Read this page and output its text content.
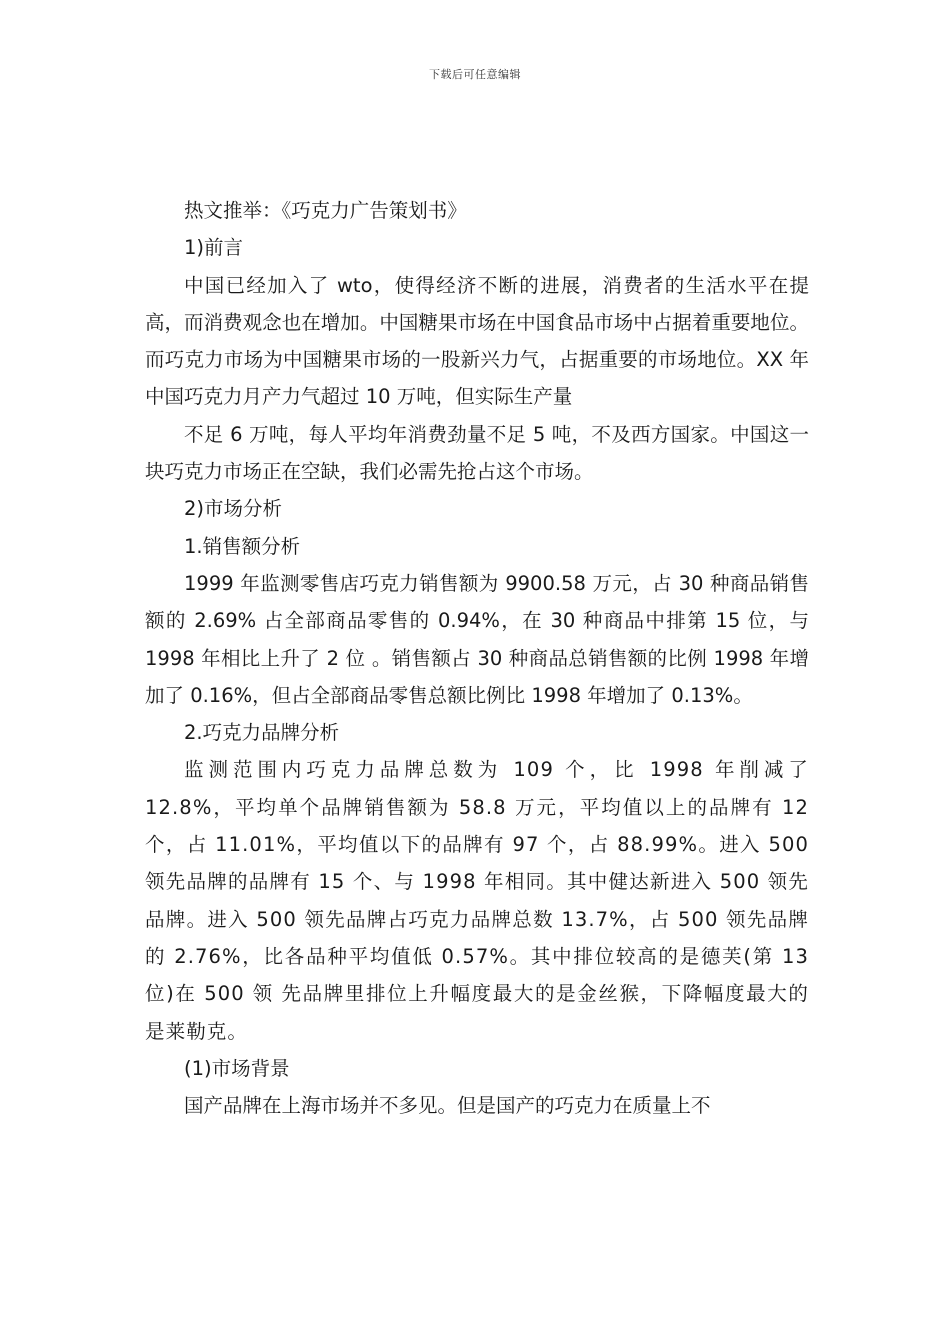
下载后可任意编辑

热文推举：《巧克力广告策划书》

1)前言

中国已经加入了 wto，使得经济不断的进展，消费者的生活水平在提高，而消费观念也在增加。中国糖果市场在中国食品市场中占据着重要地位。而巧克力市场为中国糖果市场的一股新兴力气，占据重要的市场地位。XX 年中国巧克力月产力气超过 10 万吨，但实际生产量

不足 6 万吨，每人平均年消费劲量不足 5 吨，不及西方国家。中国这一块巧克力市场正在空缺，我们必需先抢占这个市场。

2)市场分析

1.销售额分析

1999 年监测零售店巧克力销售额为 9900.58 万元，占 30 种商品销售额的 2.69% 占全部商品零售的 0.94%，在 30 种商品中排第 15 位，与 1998 年相比上升了 2 位 。销售额占 30 种商品总销售额的比例 1998 年增加了 0.16%，但占全部商品零售总额比例比 1998 年增加了 0.13%。

2.巧克力品牌分析

监测范围内巧克力品牌总数为 109 个，比 1998 年削减了 12.8%，平均单个品牌销售额为 58.8 万元，平均值以上的品牌有 12 个，占 11.01%，平均值以下的品牌有 97 个，占 88.99%。进入 500 领先品牌的品牌有 15 个、与 1998 年相同。其中健达新进入 500 领先品牌。进入 500 领先品牌占巧克力品牌总数 13.7%，占 500 领先品牌的 2.76%，比各品种平均值低 0.57%。其中排位较高的是德芙(第 13 位)在 500 领 先品牌里排位上升幅度最大的是金丝猴，下降幅度最大的是莱勒克。

(1)市场背景

国产品牌在上海市场并不多见。但是国产的巧克力在质量上不
